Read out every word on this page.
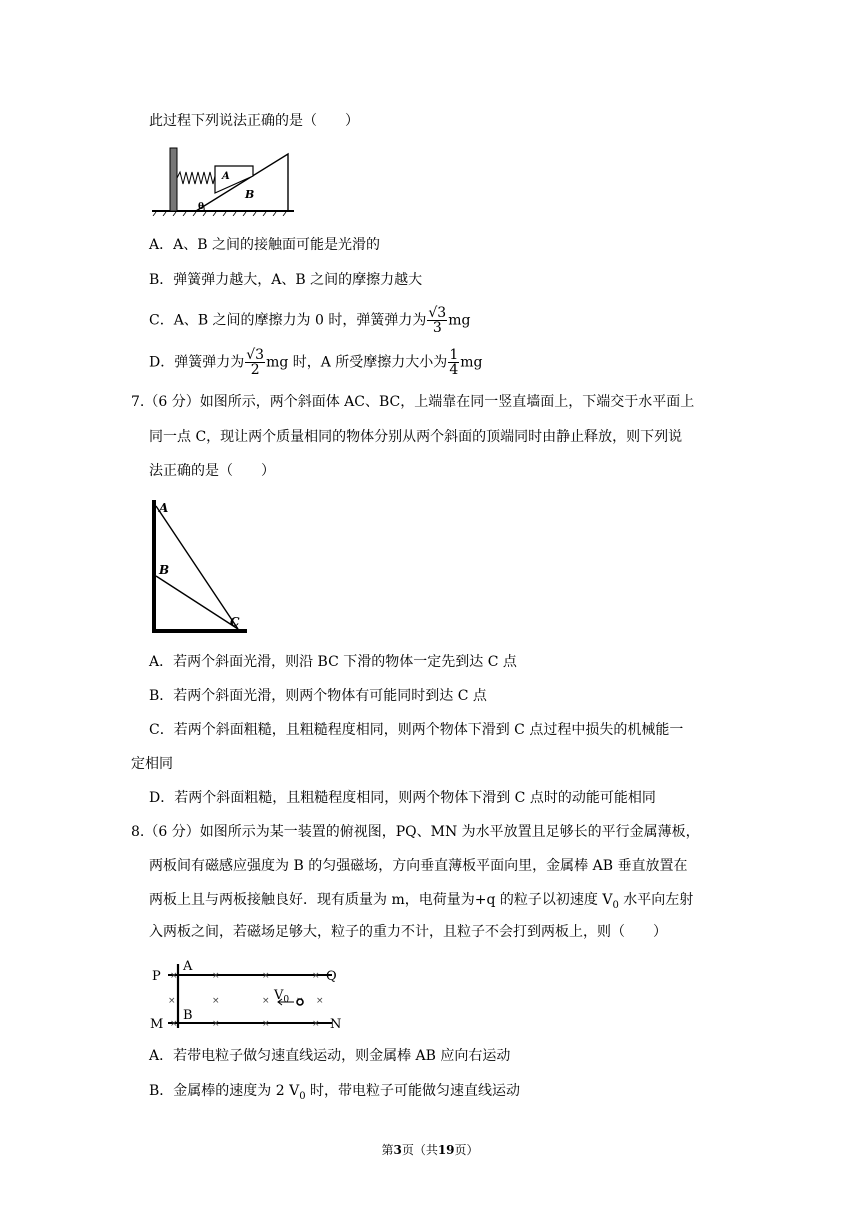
此过程下列说法正确的是（　　）
A
B
θ
A．A、B 之间的接触面可能是光滑的
B．弹簧弹力越大，A、B 之间的摩擦力越大
C．A、B 之间的摩擦力为 0 时，弹簧弹力为 $\frac{√3}{3}$ mg
D．弹簧弹力为 $\frac{√3}{2}$ mg 时，A 所受摩擦力大小为 $\frac{1}{4}$ mg
7.（6 分）如图所示，两个斜面体 AC、BC，上端靠在同一竖直墙面上，下端交于水平面上
同一点 C，现让两个质量相同的物体分别从两个斜面的顶端同时由静止释放，则下列说
法正确的是（　　）
A
B
C
A．若两个斜面光滑，则沿 BC 下滑的物体一定先到达 C 点
B．若两个斜面光滑，则两个物体有可能同时到达 C 点
C．若两个斜面粗糙，且粗糙程度相同，则两个物体下滑到 C 点过程中损失的机械能一
定相同
D．若两个斜面粗糙，且粗糙程度相同，则两个物体下滑到 C 点时的动能可能相同
8.（6 分）如图所示为某一装置的俯视图，PQ、MN 为水平放置且足够长的平行金属薄板，
两板间有磁感应强度为 B 的匀强磁场，方向垂直薄板平面向里，金属棒 AB 垂直放置在
两板上且与两板接触良好．现有质量为 m，电荷量为+q 的粒子以初速度 $V_0$ 水平向左射
入两板之间，若磁场足够大，粒子的重力不计，且粒子不会打到两板上，则（　　）
P	Q
M	N
A
B
×	×	×	×
×	×	×	×
×	×	×	×
$V_0$
A．若带电粒子做匀速直线运动，则金属棒 AB 应向右运动
B．金属棒的速度为 2 $V_0$ 时，带电粒子可能做匀速直线运动
第3页（共19页）
